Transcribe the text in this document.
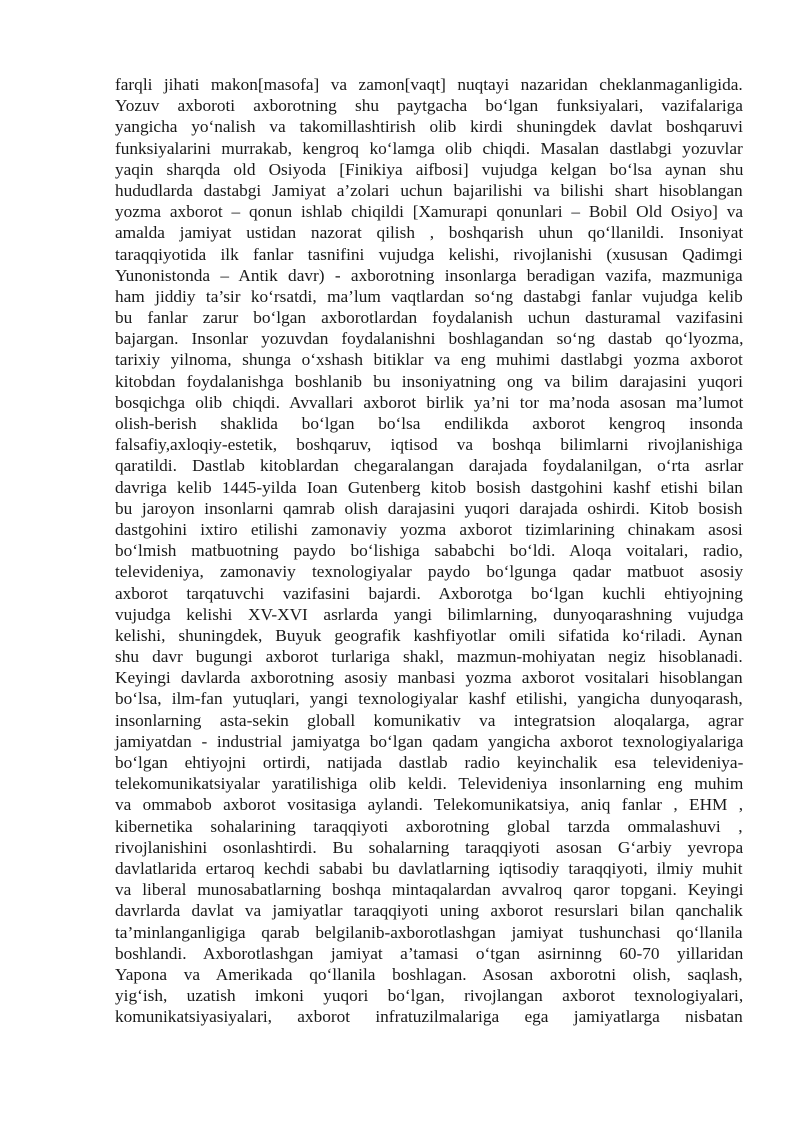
farqli jihati makon[masofa] va zamon[vaqt] nuqtayi nazaridan cheklanmaganligida.
Yozuv axboroti axborotning shu paytgacha bo‘lgan funksiyalari, vazifalariga
yangicha yo‘nalish va takomillashtirish olib kirdi shuningdek davlat boshqaruvi
funksiyalarini murrakab, kengroq ko‘lamga olib chiqdi. Masalan dastlabgi yozuvlar
yaqin sharqda old Osiyoda [Finikiya aifbosi] vujudga kelgan bo‘lsa aynan shu
hududlarda dastabgi Jamiyat a’zolari uchun bajarilishi va bilishi shart hisoblangan
yozma axborot – qonun ishlab chiqildi [Xamurapi qonunlari – Bobil Old Osiyo] va
amalda jamiyat ustidan nazorat qilish , boshqarish uhun qo‘llanildi. Insoniyat
taraqqiyotida ilk fanlar tasnifini vujudga kelishi, rivojlanishi (xususan Qadimgi
Yunonistonda – Antik davr) - axborotning insonlarga beradigan vazifa, mazmuniga
ham jiddiy ta’sir ko‘rsatdi, ma’lum vaqtlardan so‘ng dastabgi fanlar vujudga kelib
bu fanlar zarur bo‘lgan axborotlardan foydalanish uchun dasturamal vazifasini
bajargan. Insonlar yozuvdan foydalanishni boshlagandan so‘ng dastab qo‘lyozma,
tarixiy yilnoma, shunga o‘xshash bitiklar va eng muhimi dastlabgi yozma axborot
kitobdan foydalanishga boshlanib bu insoniyatning ong va bilim darajasini yuqori
bosqichga olib chiqdi. Avvallari axborot birlik ya’ni tor ma’noda asosan ma’lumot
olish-berish shaklida bo‘lgan bo‘lsa endilikda axborot kengroq insonda
falsafiy,axloqiy-estetik, boshqaruv, iqtisod va boshqa bilimlarni rivojlanishiga
qaratildi. Dastlab kitoblardan chegaralangan darajada foydalanilgan, o‘rta asrlar
davriga kelib 1445-yilda Ioan Gutenberg kitob bosish dastgohini kashf etishi bilan
bu jaroyon insonlarni qamrab olish darajasini yuqori darajada oshirdi. Kitob bosish
dastgohini ixtiro etilishi zamonaviy yozma axborot tizimlarining chinakam asosi
bo‘lmish matbuotning paydo bo‘lishiga sababchi bo‘ldi. Aloqa voitalari, radio,
televideniya, zamonaviy texnologiyalar paydo bo‘lgunga qadar matbuot asosiy
axborot tarqatuvchi vazifasini bajardi. Axborotga bo‘lgan kuchli ehtiyojning
vujudga kelishi XV-XVI asrlarda yangi bilimlarning, dunyoqarashning vujudga
kelishi, shuningdek, Buyuk geografik kashfiyotlar omili sifatida ko‘riladi. Aynan
shu davr bugungi axborot turlariga shakl, mazmun-mohiyatan negiz hisoblanadi.
Keyingi davlarda axborotning asosiy manbasi yozma axborot vositalari hisoblangan
bo‘lsa, ilm-fan yutuqlari, yangi texnologiyalar kashf etilishi, yangicha dunyoqarash,
insonlarning asta-sekin globall komunikativ va integratsion aloqalarga, agrar
jamiyatdan - industrial jamiyatga bo‘lgan qadam yangicha axborot texnologiyalariga
bo‘lgan ehtiyojni ortirdi, natijada dastlab radio keyinchalik esa televideniya-
telekomunikatsiyalar yaratilishiga olib keldi. Televideniya insonlarning eng muhim
va ommabob axborot vositasiga aylandi. Telekomunikatsiya, aniq fanlar , EHM ,
kibernetika sohalarining taraqqiyoti axborotning global tarzda ommalashuvi ,
rivojlanishini osonlashtirdi. Bu sohalarning taraqqiyoti asosan G‘arbiy yevropa
davlatlarida ertaroq kechdi sababi bu davlatlarning iqtisodiy taraqqiyoti, ilmiy muhit
va liberal munosabatlarning boshqa mintaqalardan avvalroq qaror topgani. Keyingi
davrlarda davlat va jamiyatlar taraqqiyoti uning axborot resurslari bilan qanchalik
ta’minlanganligiga qarab belgilanib-axborotlashgan jamiyat tushunchasi qo‘llanila
boshlandi. Axborotlashgan jamiyat a’tamasi o‘tgan asirninng 60-70 yillaridan
Yapona va Amerikada qo‘llanila boshlagan. Asosan axborotni olish, saqlash,
yig‘ish, uzatish imkoni yuqori bo‘lgan, rivojlangan axborot texnologiyalari,
komunikatsiyasiyalari, axborot infratuzilmalariga ega jamiyatlarga nisbatan
